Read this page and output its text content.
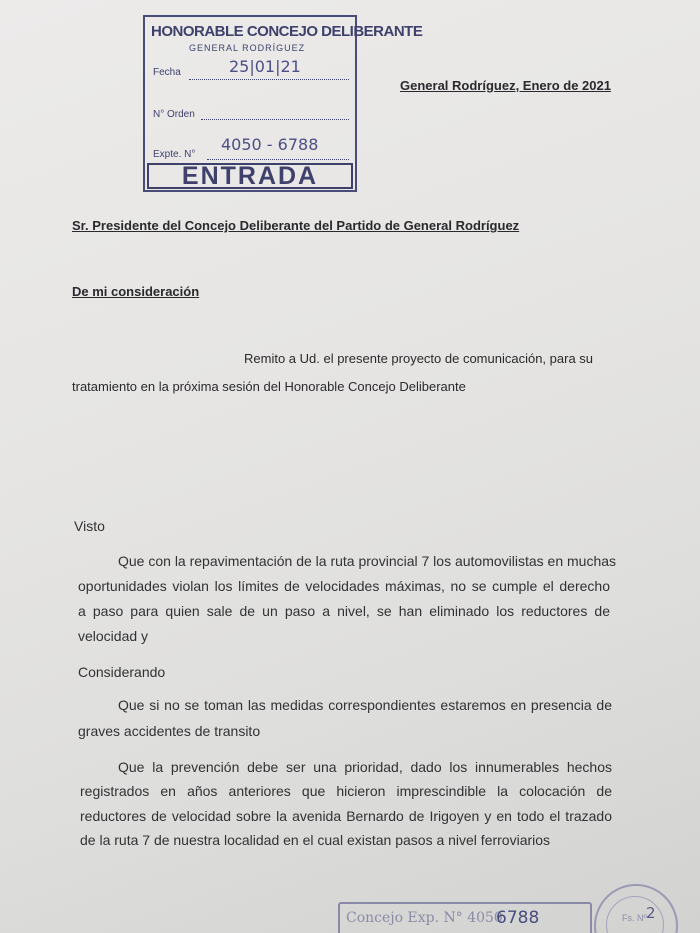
HONORABLE CONCEJO DELIBERANTE
GENERAL RODRÍGUEZ
Fecha	25|01|21
N° Orden
Expte. N°
4050 - 6788
ENTRADA
General Rodríguez, Enero de 2021
Sr. Presidente del Concejo Deliberante del Partido de General Rodríguez
De mi consideración
Remito a Ud. el presente proyecto de comunicación, para su
tratamiento en la próxima sesión del Honorable Concejo Deliberante
Visto
Que con la repavimentación de la ruta provincial 7 los automovilistas en muchas
oportunidades violan los límites de velocidades máximas, no se cumple el derecho
a paso para quien sale de un paso a nivel, se han eliminado los reductores de
velocidad y
Considerando
Que si no se toman las medidas correspondientes estaremos en presencia de
graves accidentes de transito
Que la prevención debe ser una prioridad, dado los innumerables hechos
registrados en años anteriores que hicieron imprescindible la colocación de
reductores de velocidad sobre la avenida Bernardo de Irigoyen y en todo el trazado
de la ruta 7 de nuestra localidad en el cual existan pasos a nivel ferroviarios
Concejo Exp. N° 4050
6788	Fs. Nº 2
